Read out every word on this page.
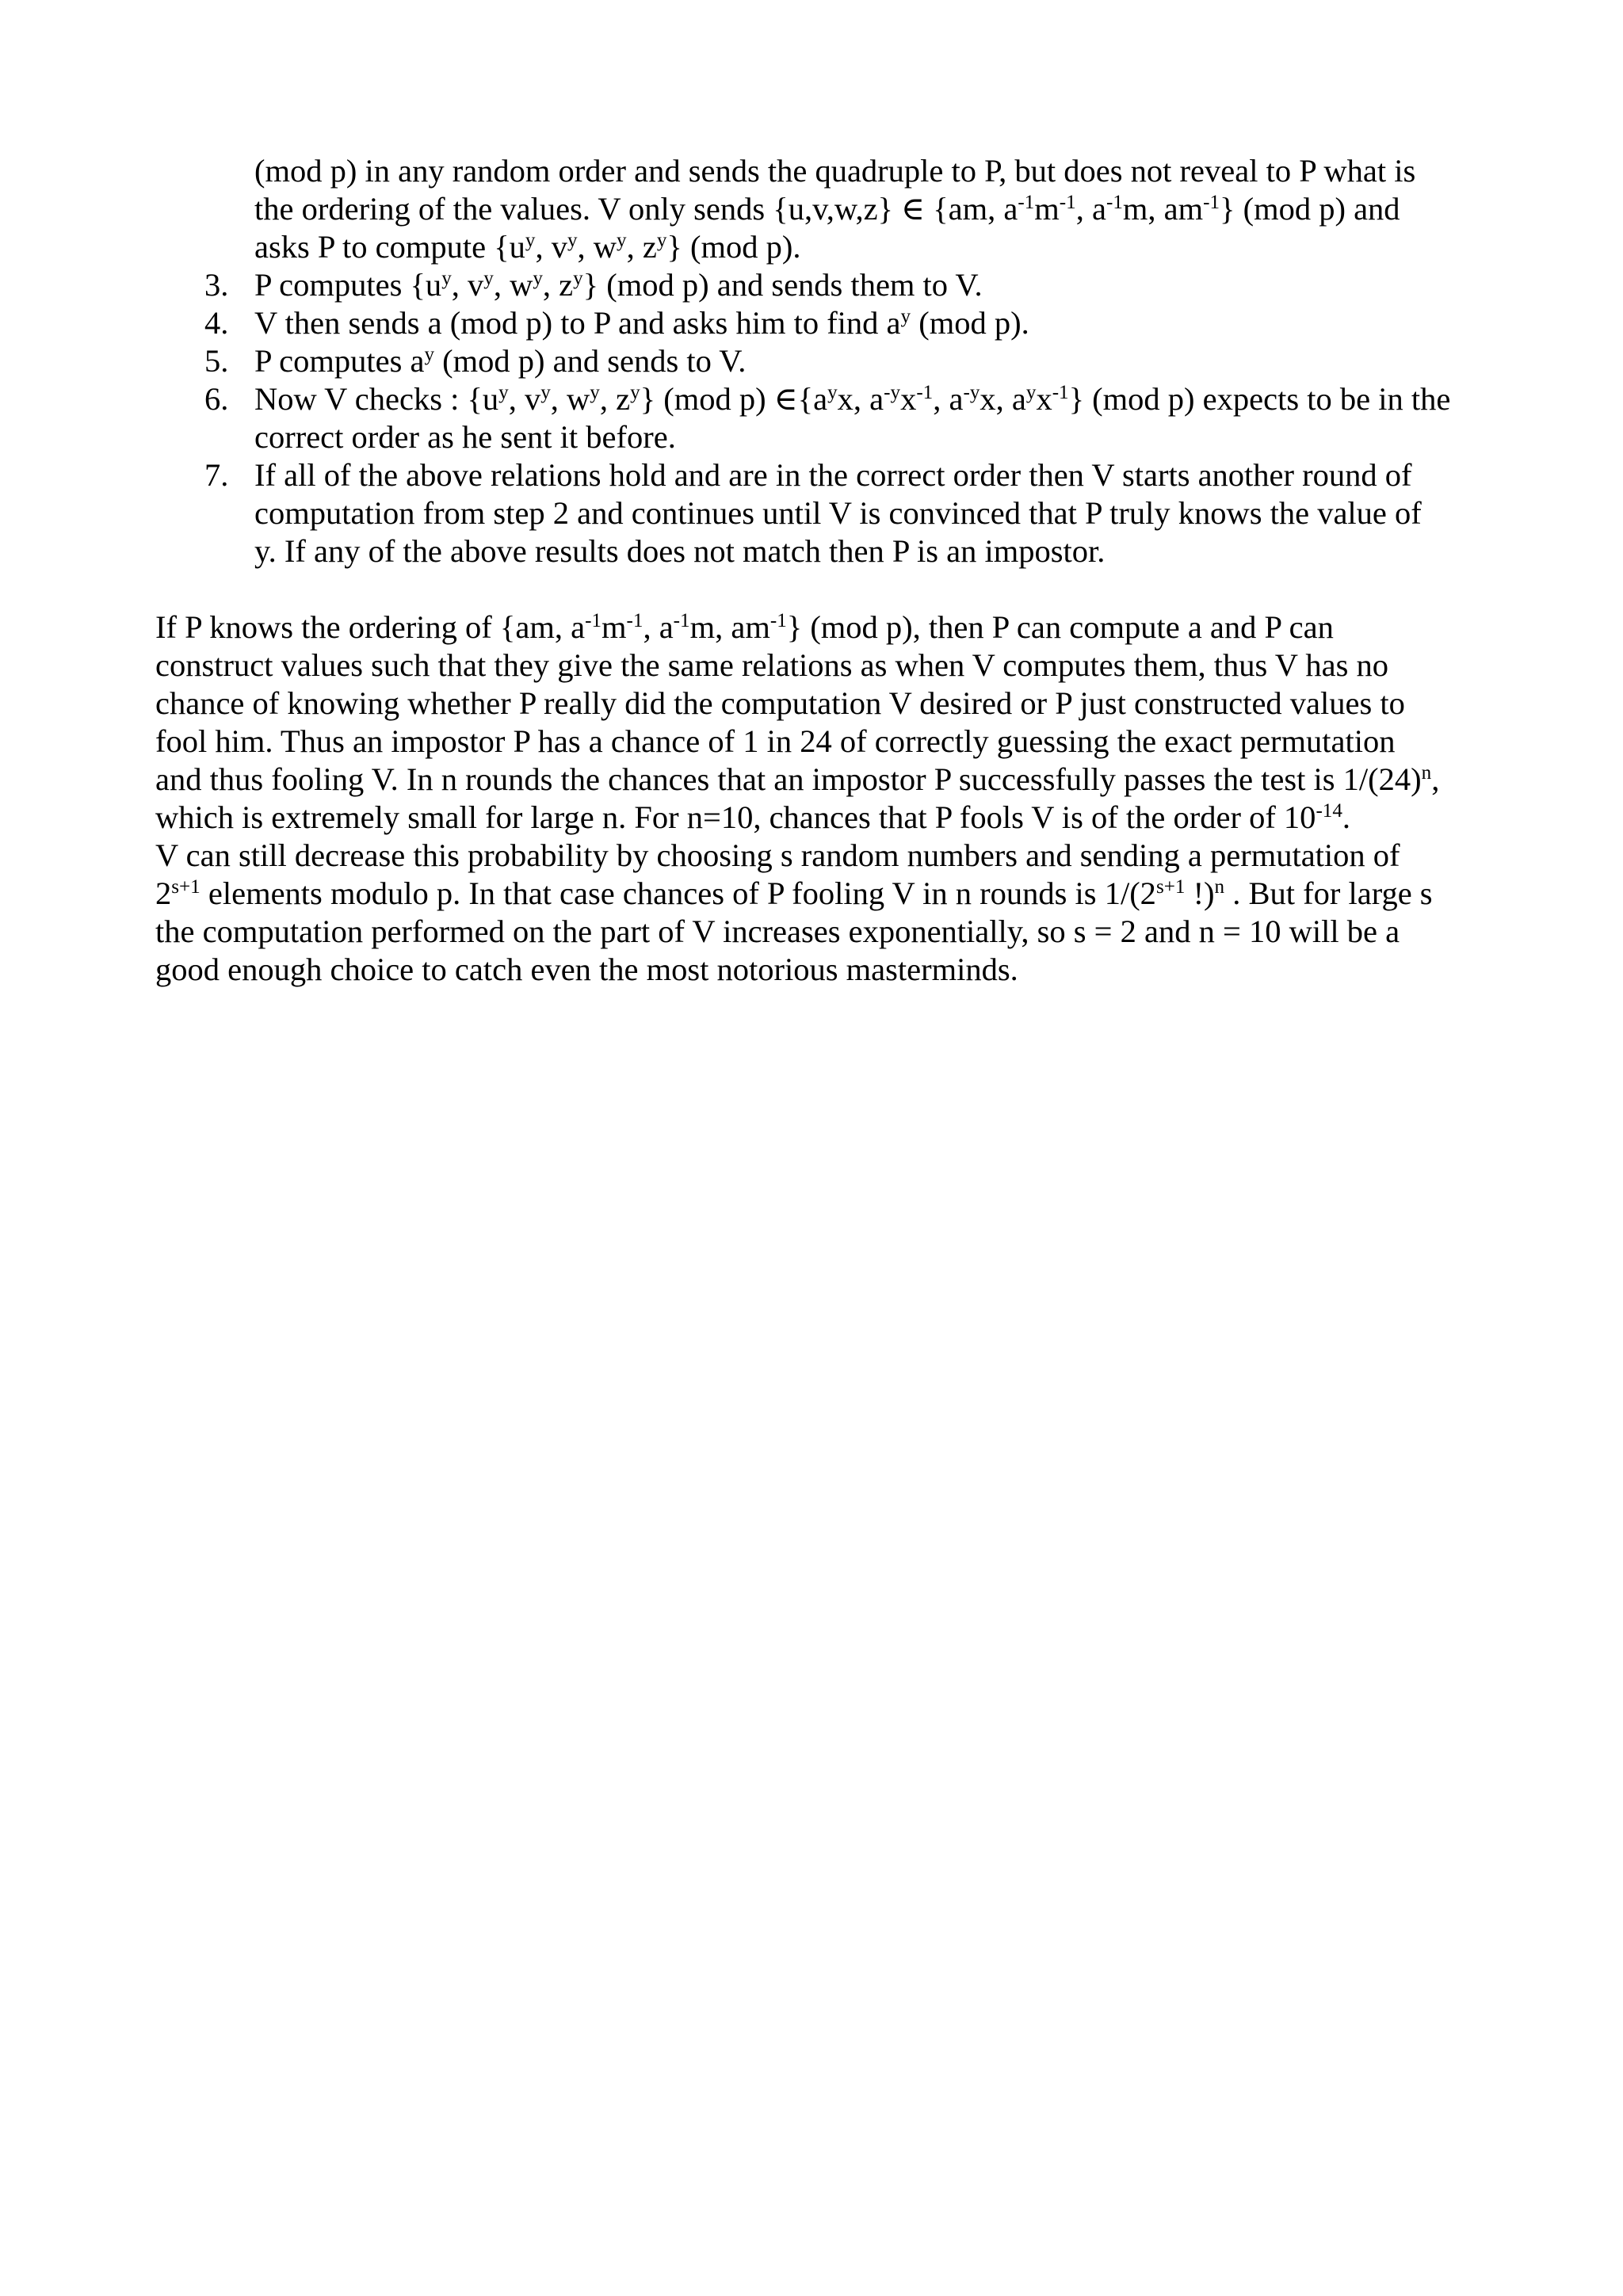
(mod p) in any random order and sends the quadruple to P, but does not reveal to P what is
the ordering of the values. V only sends {u,v,w,z} ∈ {am, $a^{-1}m^{-1}$, $a^{-1}m$, $am^{-1}$} (mod p) and
asks P to compute {$u^y$, $v^y$, $w^y$, $z^y$} (mod p).
3. P computes {$u^y$, $v^y$, $w^y$, $z^y$} (mod p) and sends them to V.
4. V then sends a (mod p) to P and asks him to find $a^y$ (mod p).
5. P computes $a^y$ (mod p) and sends to V.
6. Now V checks : {$u^y$, $v^y$, $w^y$, $z^y$} (mod p) $\in\{a^yx$, $a^{-y}x^{-1}$, $a^{-y}x$, $a^yx^{-1}$} (mod p) expects to be in the
correct order as he sent it before.
7. If all of the above relations hold and are in the correct order then V starts another round of
computation from step 2 and continues until V is convinced that P truly knows the value of
y. If any of the above results does not match then P is an impostor.

If P knows the ordering of {am, $a^{-1}m^{-1}$, $a^{-1}m$, $am^{-1}$} (mod p), then P can compute a and P can
construct values such that they give the same relations as when V computes them, thus V has no
chance of knowing whether P really did the computation V desired or P just constructed values to
fool him. Thus an impostor P has a chance of 1 in 24 of correctly guessing the exact permutation
and thus fooling V. In n rounds the chances that an impostor P successfully passes the test is $1/(24)^n$,
which is extremely small for large n. For n=10, chances that P fools V is of the order of $10^{-14}$.
V can still decrease this probability by choosing s random numbers and sending a permutation of
$2^{s+1}$ elements modulo p. In that case chances of P fooling V in n rounds is $1/(2^{s+1}$ !)$^n$ . But for large s
the computation performed on the part of V increases exponentially, so s = 2 and n = 10 will be a
good enough choice to catch even the most notorious masterminds.
